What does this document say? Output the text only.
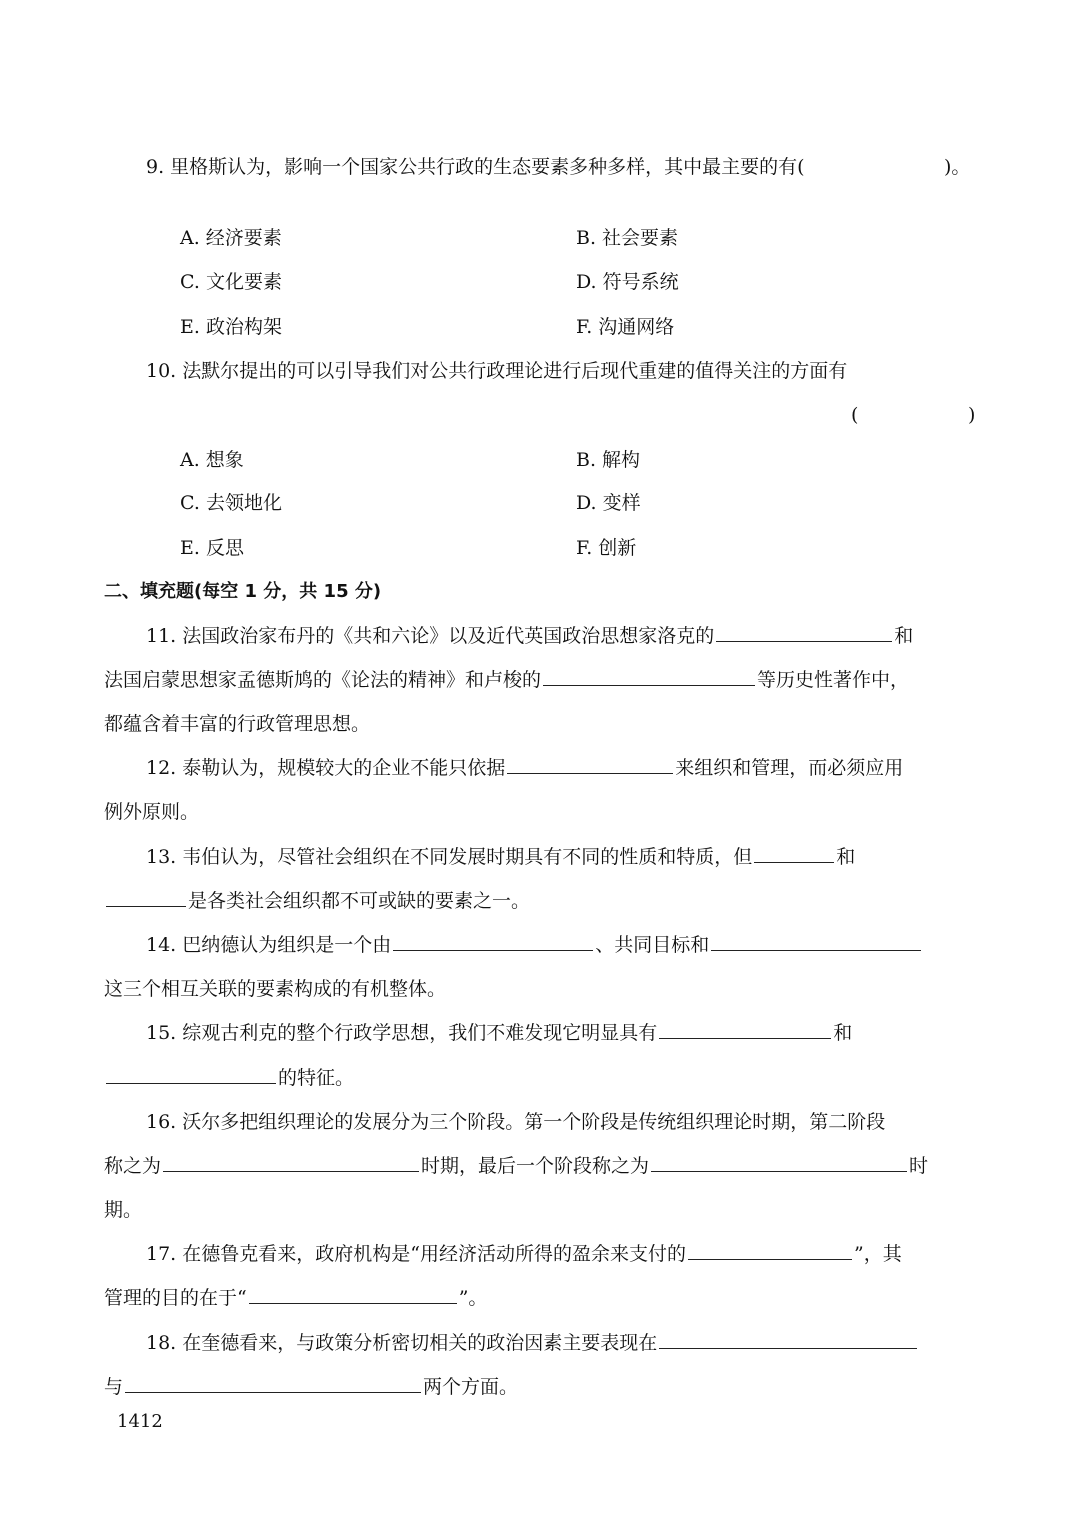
9. 里格斯认为，影响一个国家公共行政的生态要素多种多样，其中最主要的有(	)。
A. 经济要素	B. 社会要素
C. 文化要素	D. 符号系统
E. 政治构架	F. 沟通网络
10. 法默尔提出的可以引导我们对公共行政理论进行后现代重建的值得关注的方面有
(	)
A. 想象	B. 解构
C. 去领地化	D. 变样
E. 反思	F. 创新
二、填充题(每空 1 分，共 15 分)
11. 法国政治家布丹的《共和六论》以及近代英国政治思想家洛克的	和
法国启蒙思想家孟德斯鸠的《论法的精神》和卢梭的	等历史性著作中，
都蕴含着丰富的行政管理思想。
12. 泰勒认为，规模较大的企业不能只依据	来组织和管理，而必须应用
例外原则。
13. 韦伯认为，尽管社会组织在不同发展时期具有不同的性质和特质，但	和
是各类社会组织都不可或缺的要素之一。
14. 巴纳德认为组织是一个由	、共同目标和
这三个相互关联的要素构成的有机整体。
15. 综观古利克的整个行政学思想，我们不难发现它明显具有	和
的特征。
16. 沃尔多把组织理论的发展分为三个阶段。第一个阶段是传统组织理论时期，第二阶段
称之为	时期，最后一个阶段称之为	时
期。
17. 在德鲁克看来，政府机构是“用经济活动所得的盈余来支付的	”，其
管理的目的在于“	”。
18. 在奎德看来，与政策分析密切相关的政治因素主要表现在
与	两个方面。
1412
